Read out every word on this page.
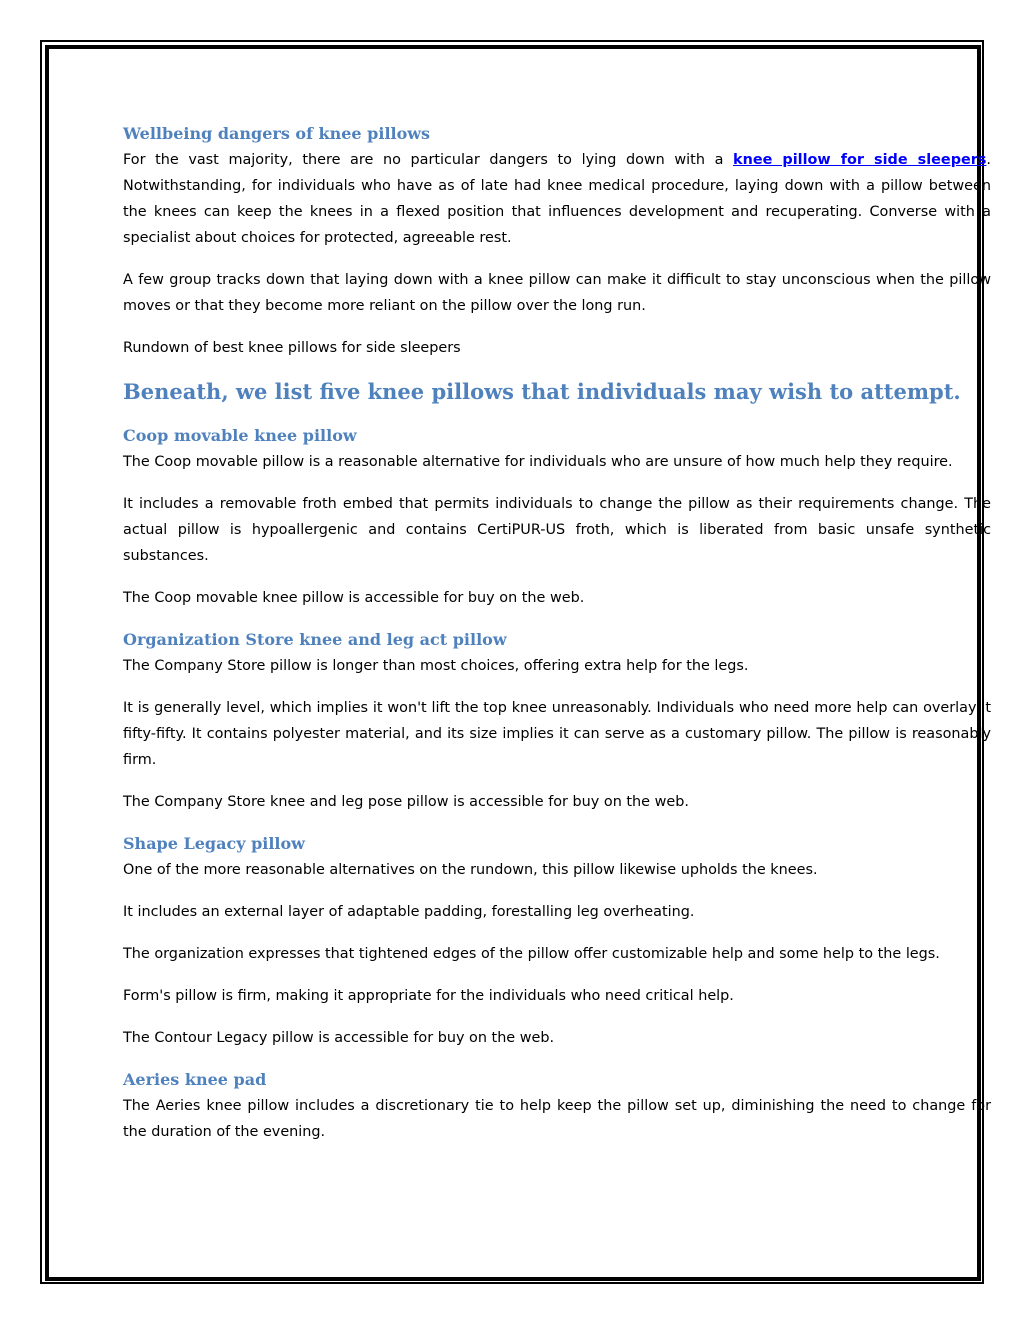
Wellbeing dangers of knee pillows

For the vast majority, there are no particular dangers to lying down with a knee pillow for side sleepers. Notwithstanding, for individuals who have as of late had knee medical procedure, laying down with a pillow between the knees can keep the knees in a flexed position that influences development and recuperating. Converse with a specialist about choices for protected, agreeable rest.

A few group tracks down that laying down with a knee pillow can make it difficult to stay unconscious when the pillow moves or that they become more reliant on the pillow over the long run.

Rundown of best knee pillows for side sleepers

Beneath, we list five knee pillows that individuals may wish to attempt.
Coop movable knee pillow

The Coop movable pillow is a reasonable alternative for individuals who are unsure of how much help they require.

It includes a removable froth embed that permits individuals to change the pillow as their requirements change. The actual pillow is hypoallergenic and contains CertiPUR-US froth, which is liberated from basic unsafe synthetic substances.

The Coop movable knee pillow is accessible for buy on the web.

Organization Store knee and leg act pillow

The Company Store pillow is longer than most choices, offering extra help for the legs.

It is generally level, which implies it won't lift the top knee unreasonably. Individuals who need more help can overlay it fifty-fifty. It contains polyester material, and its size implies it can serve as a customary pillow. The pillow is reasonably firm.

The Company Store knee and leg pose pillow is accessible for buy on the web.

Shape Legacy pillow

One of the more reasonable alternatives on the rundown, this pillow likewise upholds the knees.

It includes an external layer of adaptable padding, forestalling leg overheating.

The organization expresses that tightened edges of the pillow offer customizable help and some help to the legs.

Form's pillow is firm, making it appropriate for the individuals who need critical help.

The Contour Legacy pillow is accessible for buy on the web.

Aeries knee pad

The Aeries knee pillow includes a discretionary tie to help keep the pillow set up, diminishing the need to change for the duration of the evening.
